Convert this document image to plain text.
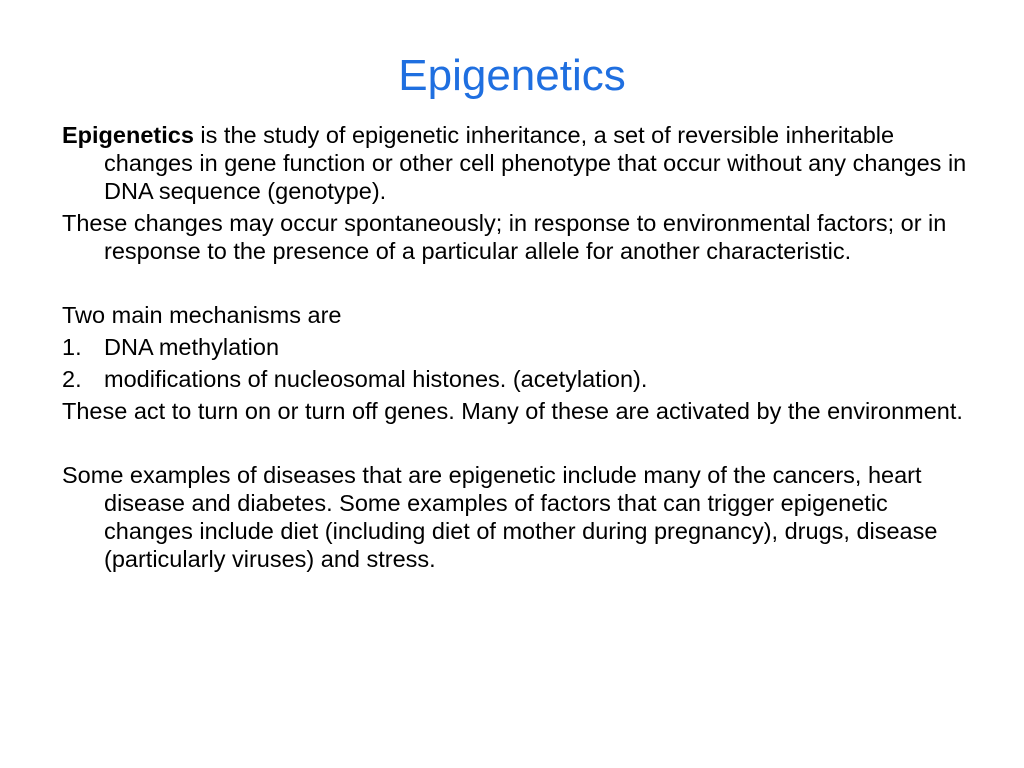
Epigenetics

Epigenetics is the study of epigenetic inheritance, a set of reversible inheritable changes in gene function or other cell phenotype that occur without any changes in DNA sequence (genotype).

These changes may occur spontaneously; in response to environmental factors; or in response to the presence of a particular allele for another characteristic.

Two main mechanisms are

1. DNA methylation
2. modifications of nucleosomal histones. (acetylation).

These act to turn on or turn off genes. Many of these are activated by the environment.

Some examples of diseases that are epigenetic include many of the cancers, heart disease and diabetes. Some examples of factors that can trigger epigenetic changes include diet (including diet of mother during pregnancy), drugs, disease (particularly viruses) and stress.
